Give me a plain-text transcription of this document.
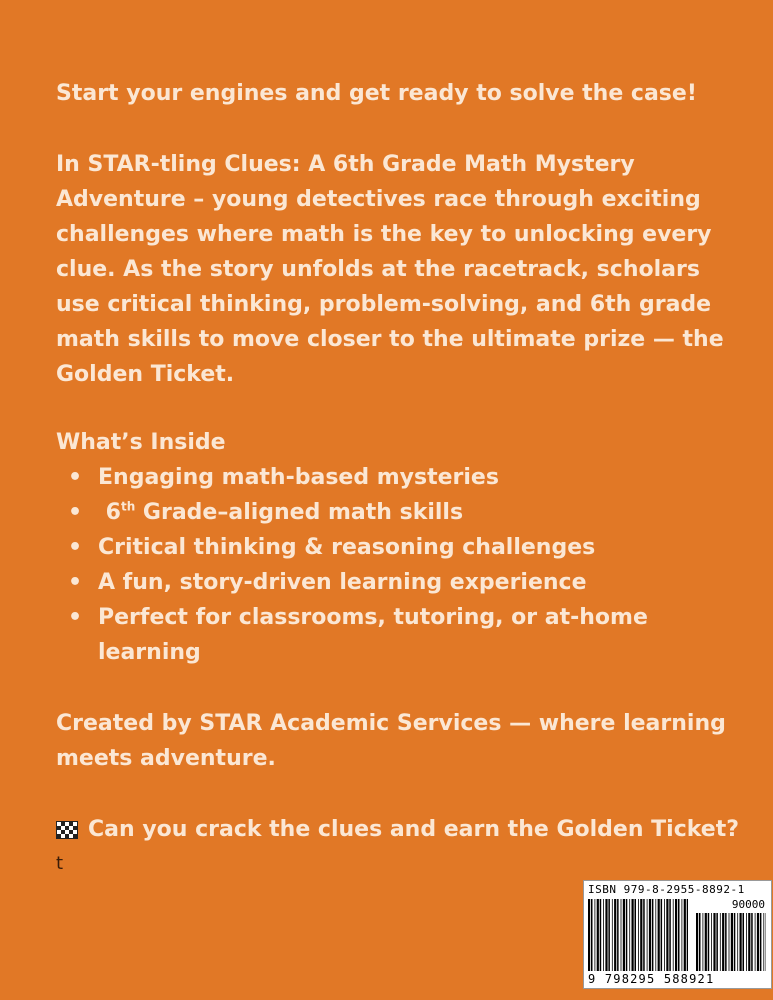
Start your engines and get ready to solve the case!
In STAR-tling Clues: A 6th Grade Math Mystery Adventure – young detectives race through exciting challenges where math is the key to unlocking every clue. As the story unfolds at the racetrack, scholars use critical thinking, problem-solving, and 6th grade math skills to move closer to the ultimate prize — the Golden Ticket.
What’s Inside
• Engaging math-based mysteries
• 6th Grade–aligned math skills
• Critical thinking & reasoning challenges
• A fun, story-driven learning experience
• Perfect for classrooms, tutoring, or at-home learning
Created by STAR Academic Services — where learning meets adventure.
Can you crack the clues and earn the Golden Ticket?
t
ISBN 979-8-2955-8892-1
90000
9 798295 588921
